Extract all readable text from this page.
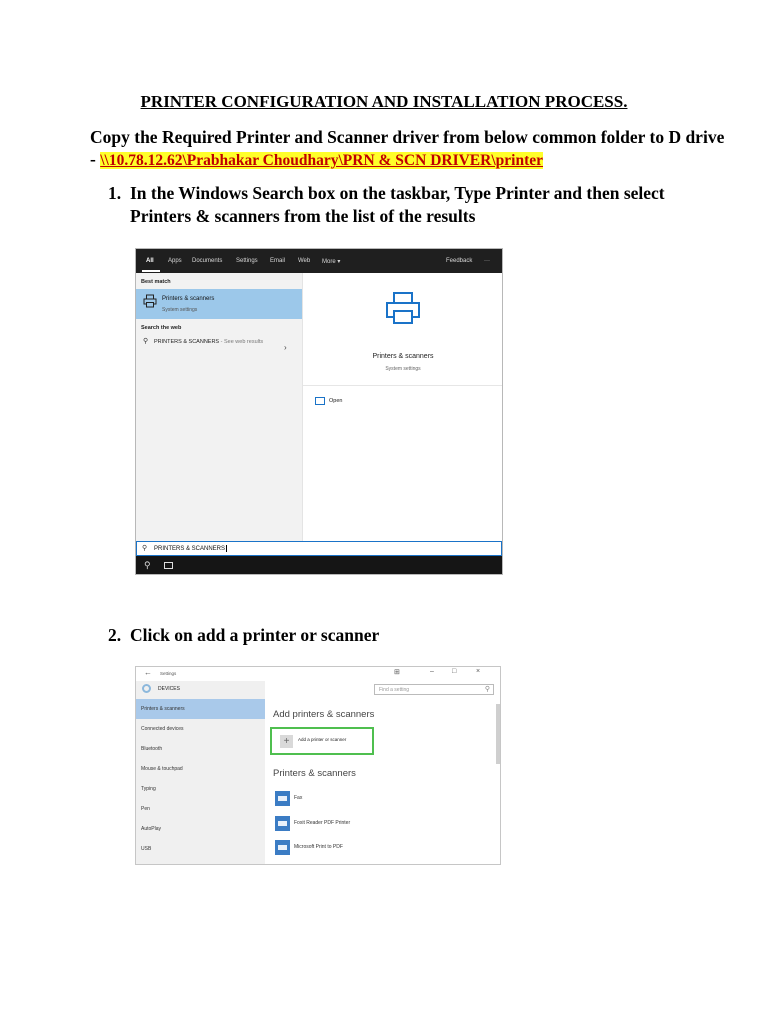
PRINTER CONFIGURATION AND INSTALLATION PROCESS.
Copy the Required Printer and Scanner driver from below common folder to D drive - \\10.78.12.62\Prabhakar Choudhary\PRN & SCN DRIVER\printer
1. In the Windows Search box on the taskbar, Type Printer and then select Printers & scanners from the list of the results
All Apps Documents Settings Email Web More ▾	Feedback ···
Best match
Printers & scanners
System settings
Search the web
⚲ PRINTERS & SCANNERS - See web results
›
Printers & scanners
System settings
Open
⚲ PRINTERS & SCANNERS
⚲
2. Click on add a printer or scanner
← Settings	⊞	–	□	×
Printers & scanners
Connected devices
Bluetooth
Mouse & touchpad
Typing
Pen
AutoPlay
USB
DEVICES	Find a setting	⚲
Add printers & scanners
+	Add a printer or scanner
Printers & scanners
Fax
Foxit Reader PDF Printer
Microsoft Print to PDF
